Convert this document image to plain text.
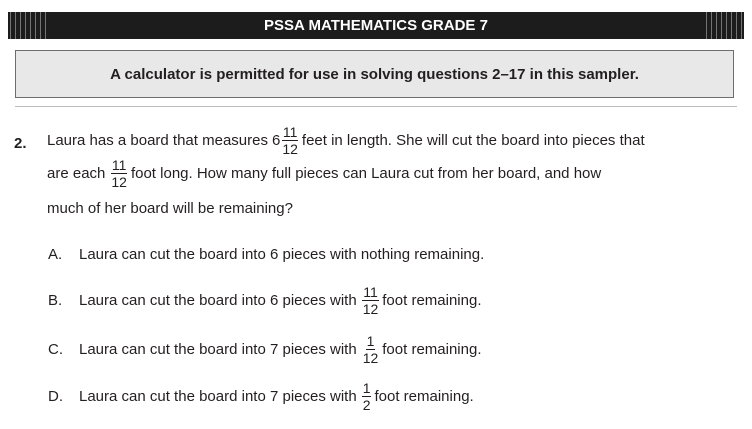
PSSA MATHEMATICS GRADE 7
A calculator is permitted for use in solving questions 2–17 in this sampler.
2. Laura has a board that measures $6 \frac{11}{12}$ feet in length. She will cut the board into pieces that
are each $\frac{11}{12}$ foot long. How many full pieces can Laura cut from her board, and how
much of her board will be remaining?
A.	Laura can cut the board into 6 pieces with nothing remaining.
B.	Laura can cut the board into 6 pieces with $\frac{11}{12}$ foot remaining.
C.	Laura can cut the board into 7 pieces with $\frac{1}{12}$ foot remaining.
D.	Laura can cut the board into 7 pieces with $\frac{1}{2}$ foot remaining.
